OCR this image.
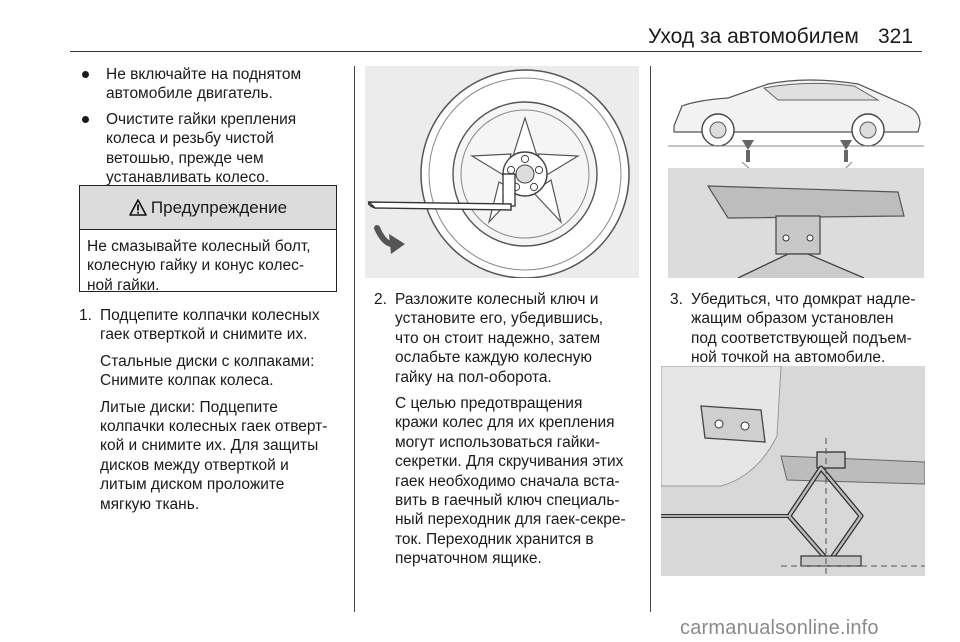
Уход за автомобилем 321
Не включайте на поднятом
автомобиле двигатель.
Очистите гайки крепления
колеса и резьбу чистой
ветошью, прежде чем
устанавливать колесо.
Предупреждение
Не смазывайте колесный болт,
колесную гайку и конус колес-
ной гайки.
1. Подцепите колпачки колесных
гаек отверткой и снимите их.

Стальные диски с колпаками:
Снимите колпак колеса.

Литые диски: Подцепите
колпачки колесных гаек отверт-
кой и снимите их. Для защиты
дисков между отверткой и
литым диском проложите
мягкую ткань.

2. Разложите колесный ключ и
установите его, убедившись,
что он стоит надежно, затем
ослабьте каждую колесную
гайку на пол-оборота.

С целью предотвращения
кражи колес для их крепления
могут использоваться гайки-
секретки. Для скручивания этих
гаек необходимо сначала вста-
вить в гаечный ключ специаль-
ный переходник для гаек-секре-
ток. Переходник хранится в
перчаточном ящике.

3. Убедиться, что домкрат надле-
жащим образом установлен
под соответствующей подъем-
ной точкой на автомобиле.

carmanualsonline.info
